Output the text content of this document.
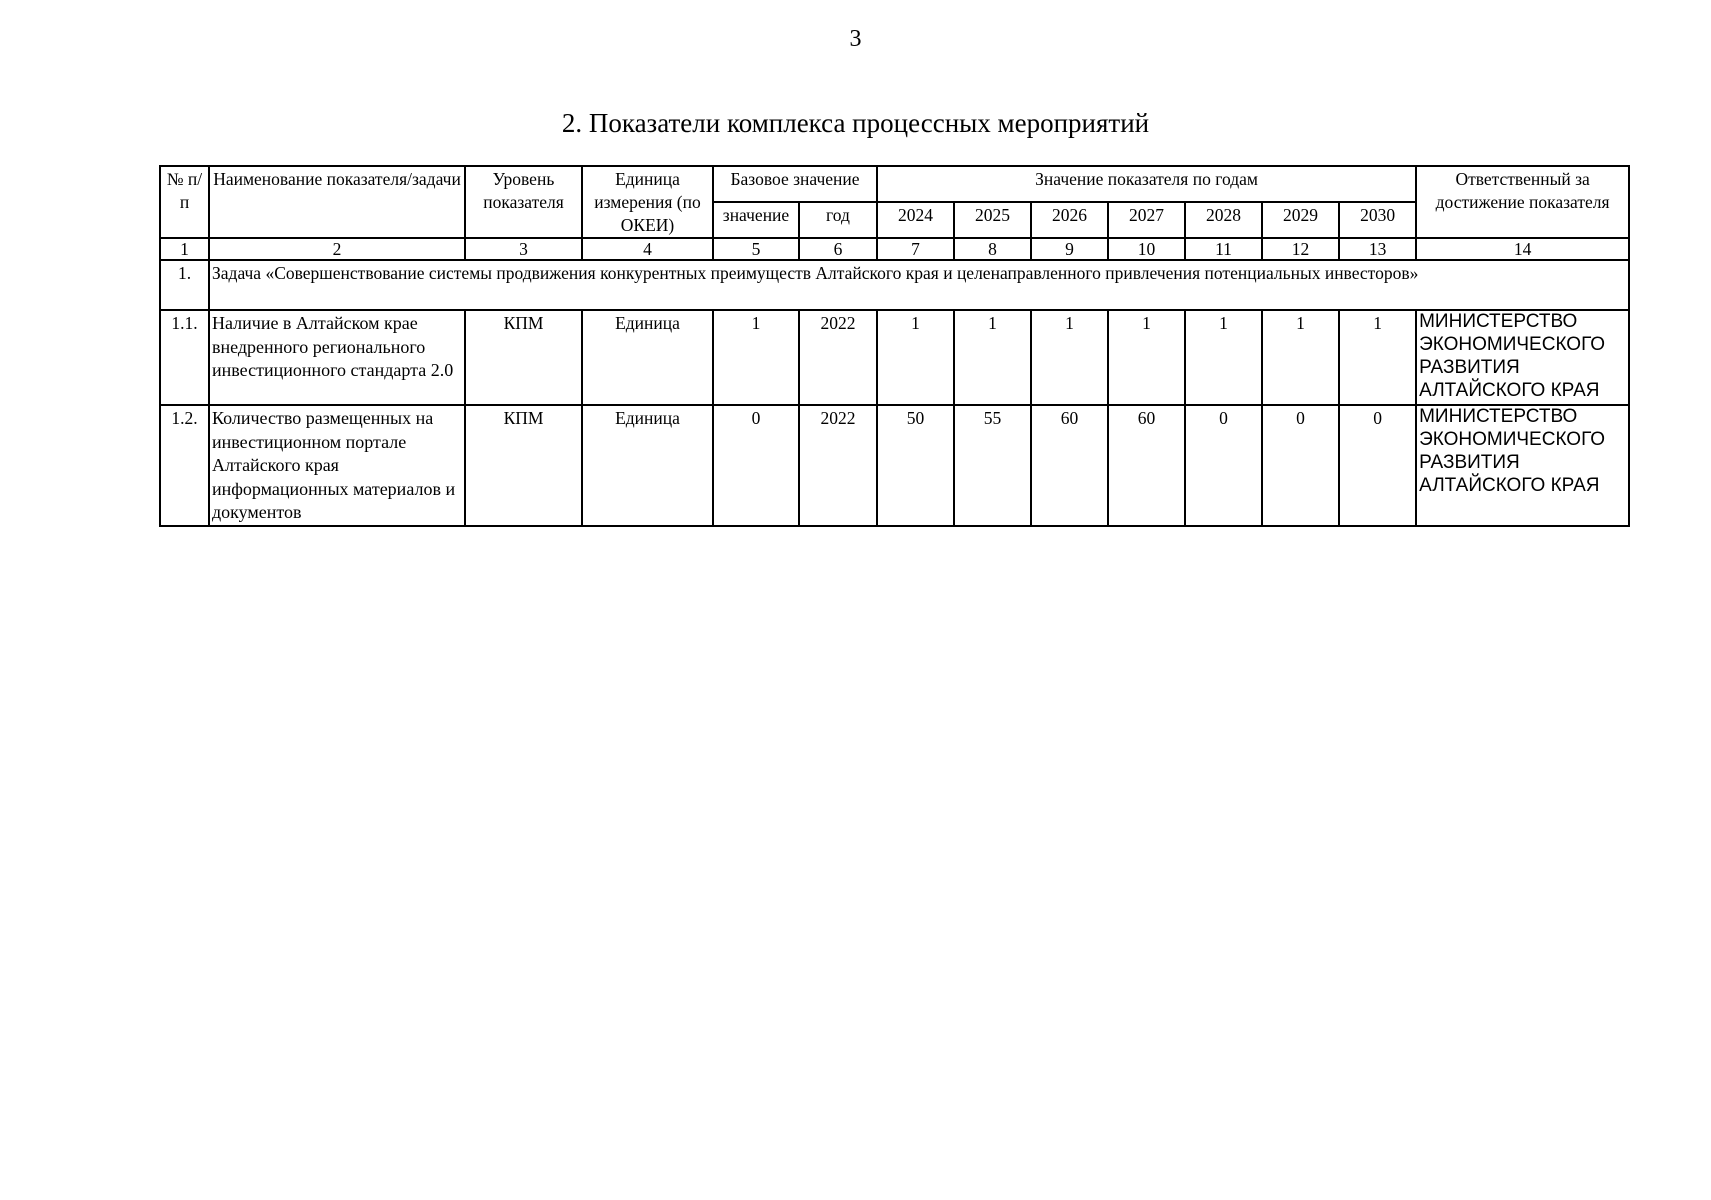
3
2. Показатели комплекса процессных мероприятий
№ п/п	Наименование показателя/задачи	Уровень показателя	Единица измерения (по ОКЕИ)	Базовое значение		Значение показателя по годам							Ответственный за достижение показателя
				значение	год	2024	2025	2026	2027	2028	2029	2030	
1	2	3	4	5	6	7	8	9	10	11	12	13	14
1.	Задача «Совершенствование системы продвижения конкурентных преимуществ Алтайского края и целенаправленного привлечения потенциальных инвесторов»												
1.1.	Наличие в Алтайском крае внедренного регионального инвестиционного стандарта 2.0	КПМ	Единица	1	2022	1	1	1	1	1	1	1	МИНИСТЕРСТВО ЭКОНОМИЧЕСКОГО РАЗВИТИЯ АЛТАЙСКОГО КРАЯ
1.2.	Количество размещенных на инвестиционном портале Алтайского края информационных материалов и документов	КПМ	Единица	0	2022	50	55	60	60	0	0	0	МИНИСТЕРСТВО ЭКОНОМИЧЕСКОГО РАЗВИТИЯ АЛТАЙСКОГО КРАЯ
